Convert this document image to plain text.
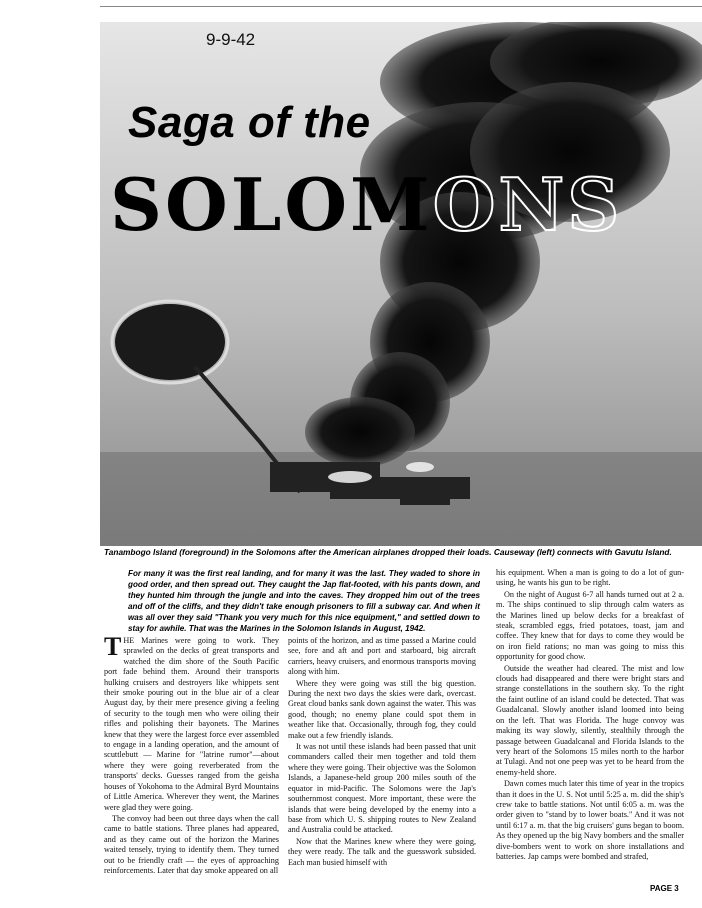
9-9-42
Saga of the
SOLOMONS
Tanambogo Island (foreground) in the Solomons after the American airplanes dropped their loads. Causeway (left) connects with Gavutu Island.
For many it was the first real landing, and for many it was the last. They waded to shore in good order, and then spread out. They caught the Jap flat-footed, with his pants down, and they hunted him through the jungle and into the caves. They dropped him out of the trees and off of the cliffs, and they didn't take enough prisoners to fill a subway car. And when it was all over they said "Thank you very much for this nice equipment," and settled down to stay for awhile. That was the Marines in the Solomon Islands in August, 1942.

THE Marines were going to work. They sprawled on the decks of great transports and watched the dim shore of the South Pacific port fade behind them. Around their transports hulking cruisers and destroyers like whippets sent their smoke pouring out in the blue air of a clear August day, by their mere presence giving a feeling of security to the tough men who were oiling their rifles and polishing their bayonets. The Marines knew that they were the largest force ever assembled to engage in a landing operation, and the amount of scuttlebutt — Marine for "latrine rumor"—about where they were going reverberated from the transports' decks. Guesses ranged from the geisha houses of Yokohoma to the Admiral Byrd Mountains of Little America. Wherever they went, the Marines were glad they were going.

The convoy had been out three days when the call came to battle stations. Three planes had appeared, and as they came out of the horizon the Marines waited tensely, trying to identify them. They turned out to be friendly craft — the eyes of approaching reinforcements. Later that day smoke appeared on all

points of the horizon, and as time passed a Marine could see, fore and aft and port and starboard, big aircraft carriers, heavy cruisers, and enormous transports moving along with him.

Where they were going was still the big question. During the next two days the skies were dark, overcast. Great cloud banks sank down against the water. This was good, though; no enemy plane could spot them in weather like that. Occasionally, through fog, they could make out a few friendly islands.

It was not until these islands had been passed that unit commanders called their men together and told them where they were going. Their objective was the Solomon Islands, a Japanese-held group 200 miles south of the equator in mid-Pacific. The Solomons were the Jap's southernmost conquest. More important, these were the islands that were being developed by the enemy into a base from which U. S. shipping routes to New Zealand and Australia could be attacked.

Now that the Marines knew where they were going, they were ready. The talk and the guesswork subsided. Each man busied himself with

his equipment. When a man is going to do a lot of gun-using, he wants his gun to be right.

On the night of August 6-7 all hands turned out at 2 a. m. The ships continued to slip through calm waters as the Marines lined up below decks for a breakfast of steak, scrambled eggs, fried potatoes, toast, jam and coffee. They knew that for days to come they would be on iron field rations; no man was going to miss this opportunity for good chow.

Outside the weather had cleared. The mist and low clouds had disappeared and there were bright stars and strange constellations in the southern sky. To the right the faint outline of an island could be detected. That was Guadalcanal. Slowly another island loomed into being on the left. That was Florida. The huge convoy was making its way slowly, silently, stealthily through the passage between Guadalcanal and Florida Islands to the very heart of the Solomons 15 miles north to the harbor at Tulagi. And not one peep was yet to be heard from the enemy-held shore.

Dawn comes much later this time of year in the tropics than it does in the U. S. Not until 5:25 a. m. did the ship's crew take to battle stations. Not until 6:05 a. m. was the order given to "stand by to lower boats." And it was not until 6:17 a. m. that the big cruisers' guns began to boom. As they opened up the big Navy bombers and the smaller dive-bombers went to work on shore installations and batteries. Jap camps were bombed and strafed,

PAGE 3
